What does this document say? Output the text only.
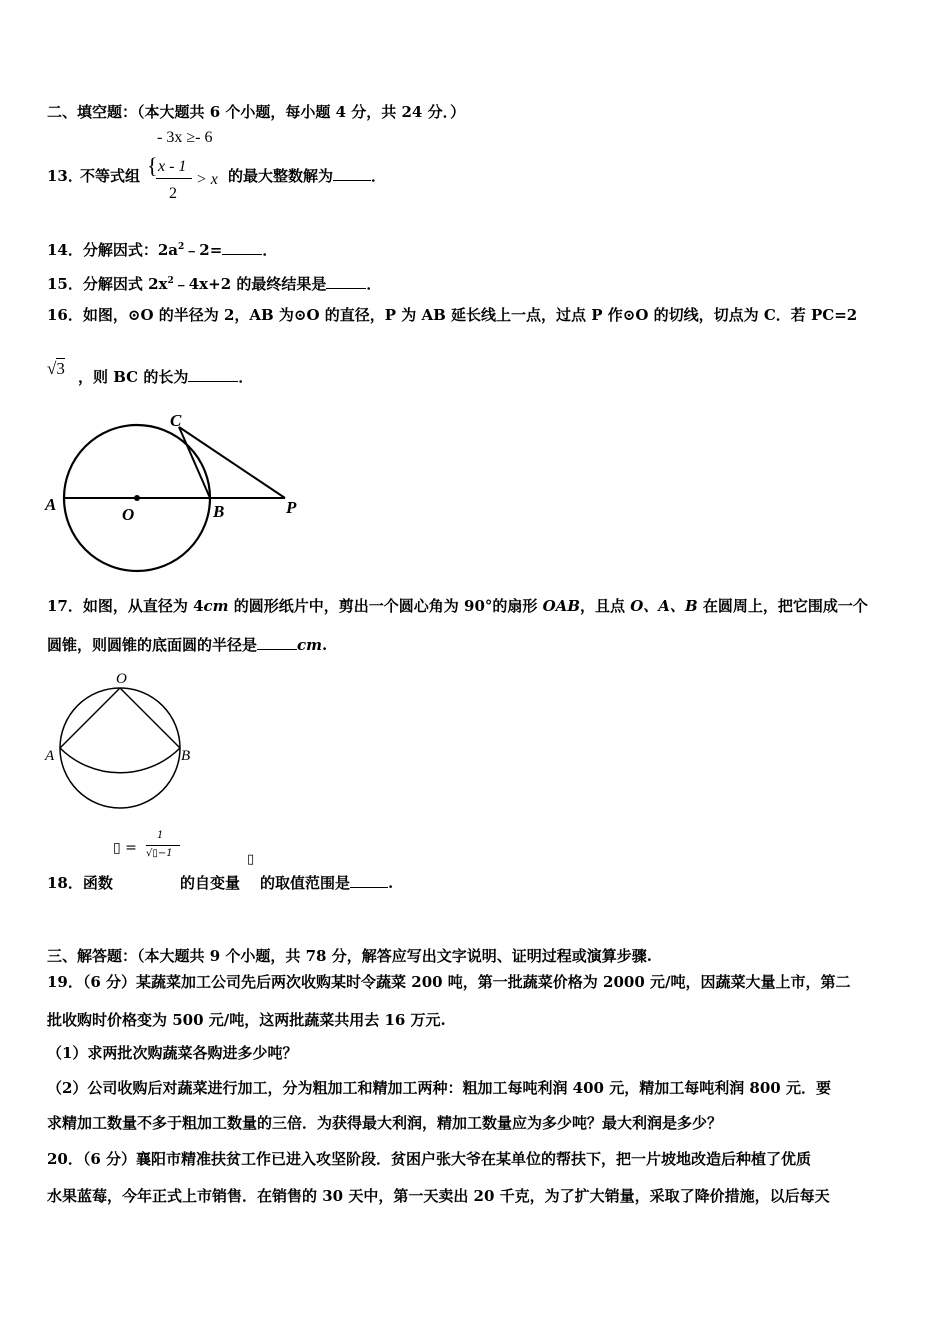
二、填空题：（本大题共 6 个小题，每小题 4 分，共 24 分．）
- 3x ≥- 6
13．
不等式组 { x - 1
2
> x 的最大整数解为	．
14．分解因式：$2a^2﹣2=$	．
15．分解因式 $2x^2﹣4x+2$ 的最终结果是	．
16．如图，⊙O 的半径为 2，AB 为⊙O 的直径，P 为 AB 延长线上一点，过点 P 作⊙O 的切线，切点为 C．若 PC=2
√3 ，则 BC 的长为	．
A
O	B	P
C
17．如图，从直径为 4cm 的圆形纸片中，剪出一个圆心角为 90°的扇形 OAB，且点 O、A、B 在圆周上，把它围成一个
圆锥，则圆锥的底面圆的半径是	cm.
O
A	B
▯ =
1
√▯−1	▯
18．函数	的自变量 的取值范围是	.
三、解答题：（本大题共 9 个小题，共 78 分，解答应写出文字说明、证明过程或演算步骤.
19．（6 分）某蔬菜加工公司先后两次收购某时令蔬菜 200 吨，第一批蔬菜价格为 2000 元/吨，因蔬菜大量上市，第二
批收购时价格变为 500 元/吨，这两批蔬菜共用去 16 万元.
（1）求两批次购蔬菜各购进多少吨？
（2）公司收购后对蔬菜进行加工，分为粗加工和精加工两种：粗加工每吨利润 400 元，精加工每吨利润 800 元．要
求精加工数量不多于粗加工数量的三倍．为获得最大利润，精加工数量应为多少吨？最大利润是多少？
20．（6 分）襄阳市精准扶贫工作已进入攻坚阶段．贫困户张大爷在某单位的帮扶下，把一片坡地改造后种植了优质
水果蓝莓，今年正式上市销售．在销售的 30 天中，第一天卖出 20 千克，为了扩大销量，采取了降价措施，以后每天
